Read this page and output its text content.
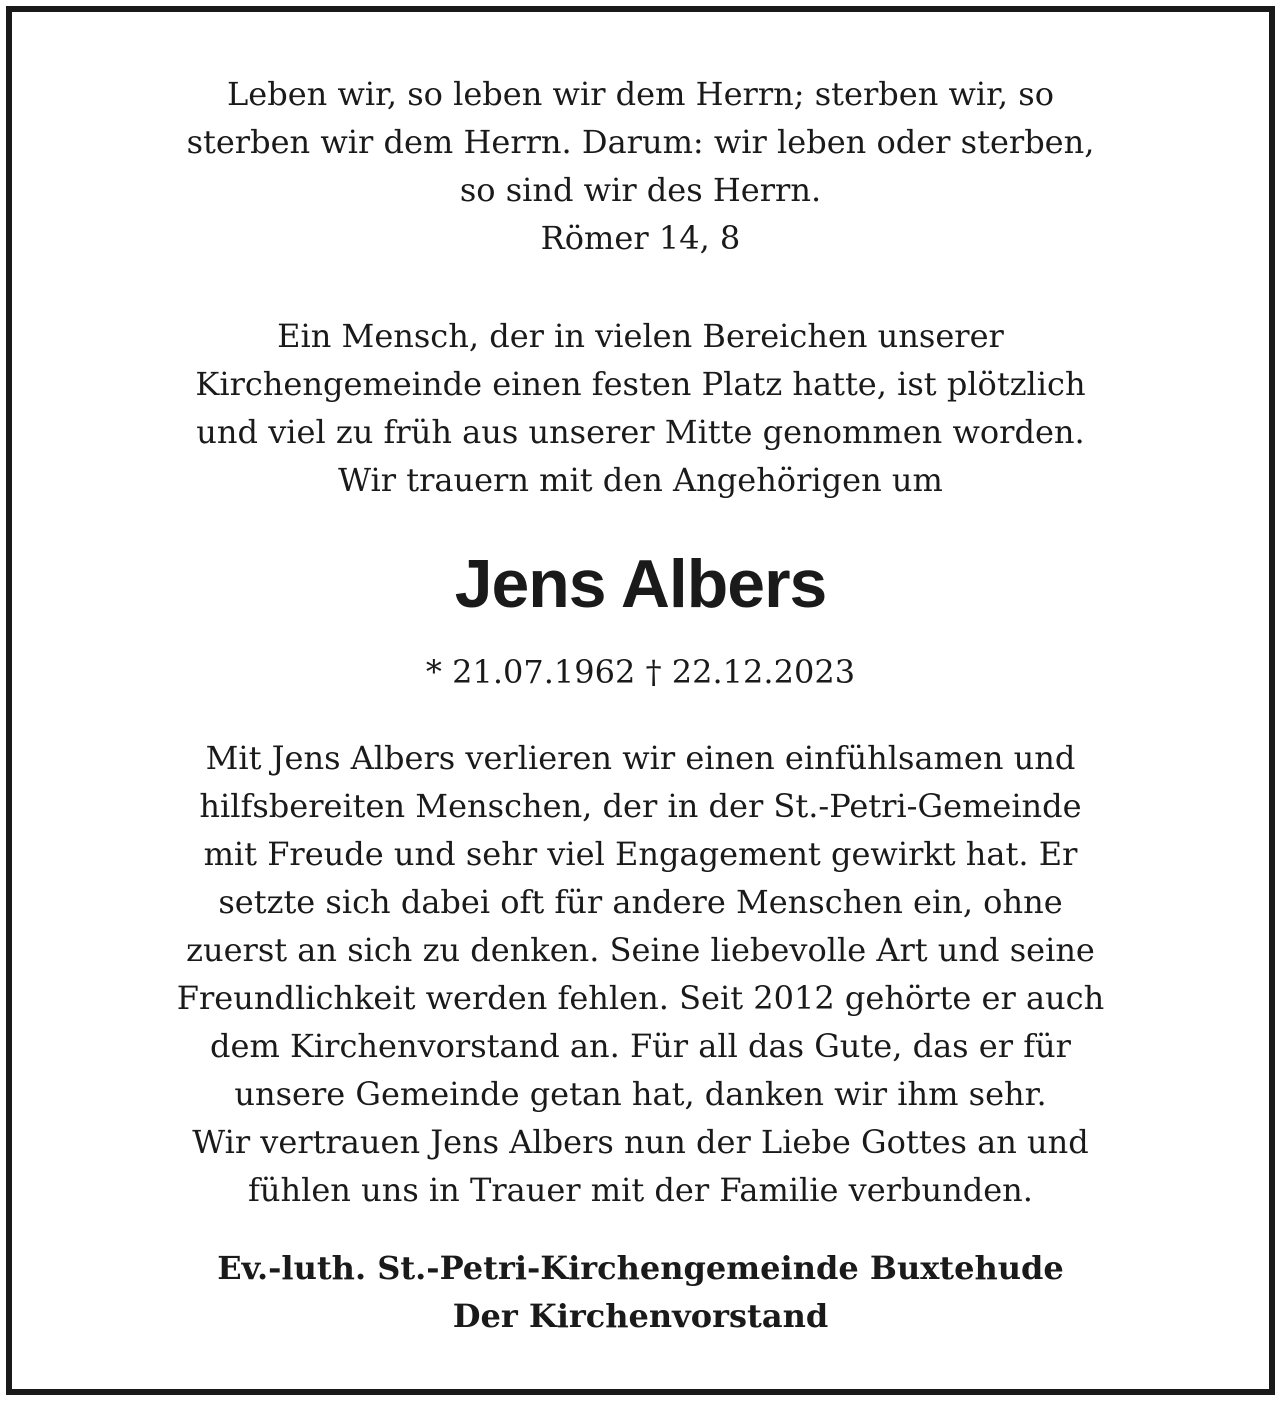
Leben wir, so leben wir dem Herrn; sterben wir, so
sterben wir dem Herrn. Darum: wir leben oder sterben,
so sind wir des Herrn.
Römer 14, 8
Ein Mensch, der in vielen Bereichen unserer
Kirchengemeinde einen festen Platz hatte, ist plötzlich
und viel zu früh aus unserer Mitte genommen worden.
Wir trauern mit den Angehörigen um
Jens Albers
* 21.07.1962 † 22.12.2023
Mit Jens Albers verlieren wir einen einfühlsamen und
hilfsbereiten Menschen, der in der St.-Petri-Gemeinde
mit Freude und sehr viel Engagement gewirkt hat. Er
setzte sich dabei oft für andere Menschen ein, ohne
zuerst an sich zu denken. Seine liebevolle Art und seine
Freundlichkeit werden fehlen. Seit 2012 gehörte er auch
dem Kirchenvorstand an. Für all das Gute, das er für
unsere Gemeinde getan hat, danken wir ihm sehr.
Wir vertrauen Jens Albers nun der Liebe Gottes an und
fühlen uns in Trauer mit der Familie verbunden.
Ev.-luth. St.-Petri-Kirchengemeinde Buxtehude
Der Kirchenvorstand
